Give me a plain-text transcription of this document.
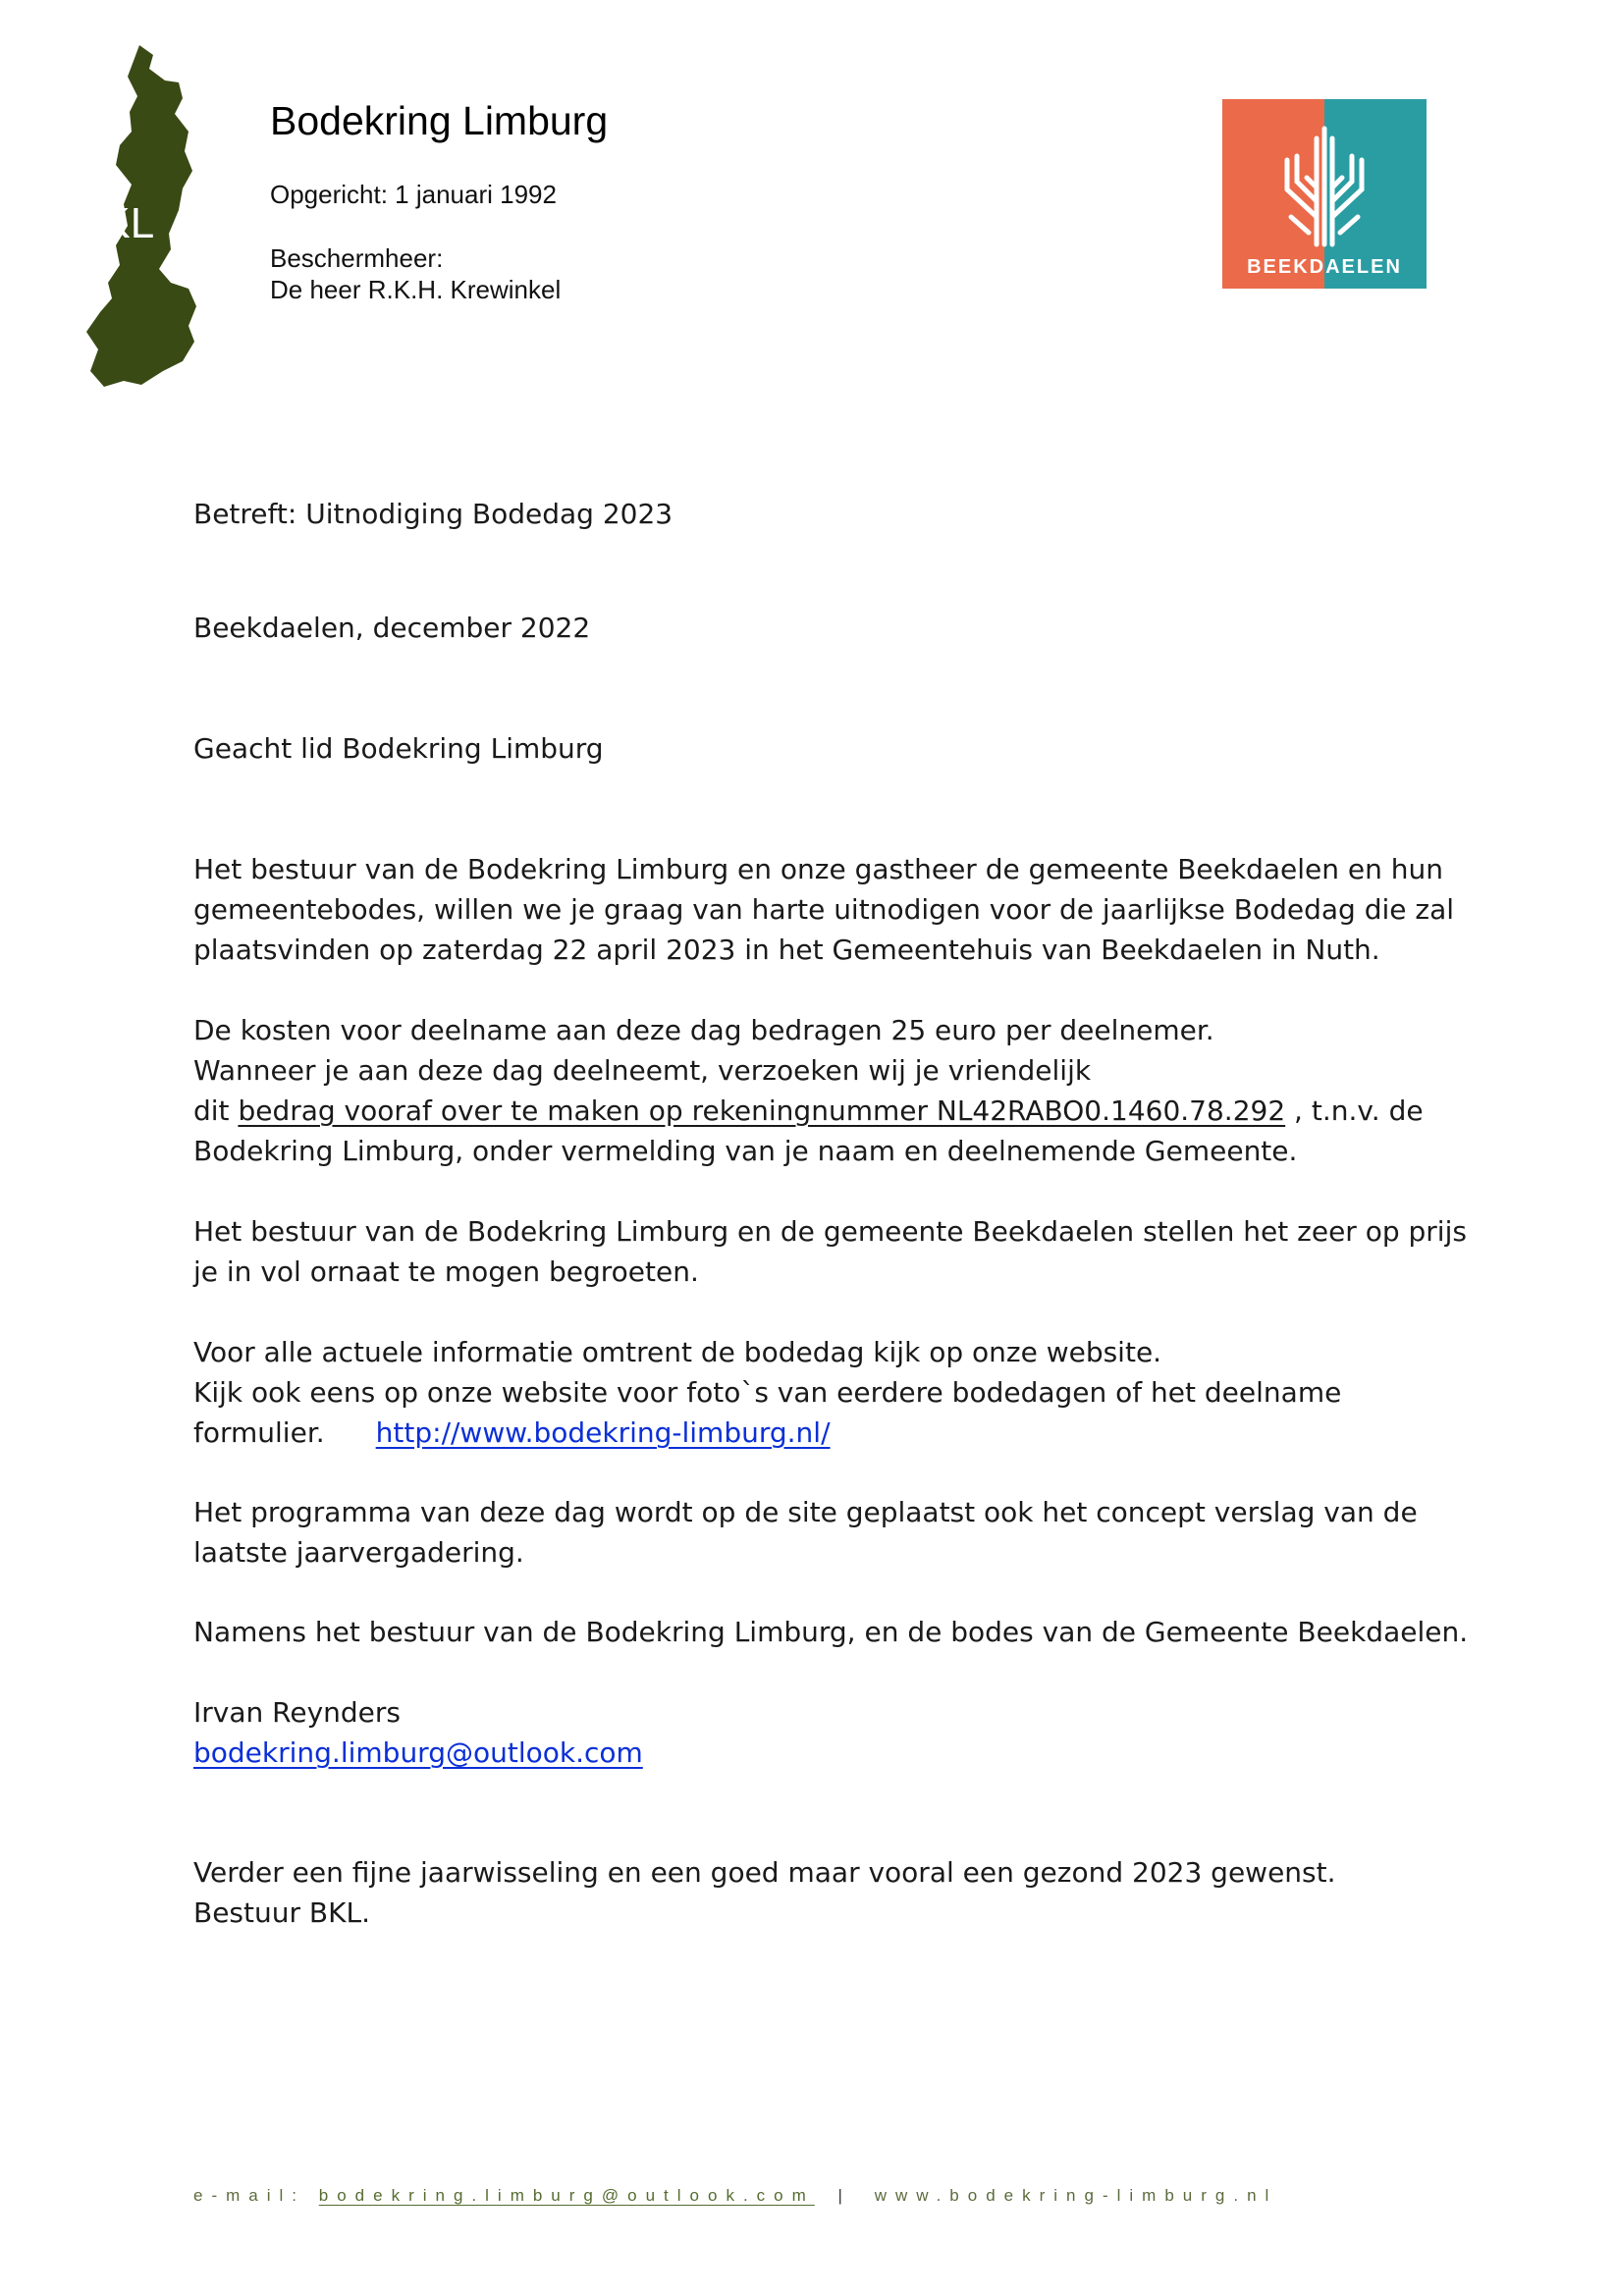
BKL
Bodekring Limburg
Opgericht: 1 januari 1992
Beschermheer:
De heer R.K.H. Krewinkel
BEEKDAELEN
Betreft: Uitnodiging Bodedag 2023
Beekdaelen, december 2022
Geacht lid Bodekring Limburg
Het bestuur van de Bodekring Limburg en onze gastheer de gemeente Beekdaelen en hun
gemeentebodes, willen we je graag van harte uitnodigen voor de jaarlijkse Bodedag die zal
plaatsvinden op zaterdag 22 april 2023 in het Gemeentehuis van Beekdaelen in Nuth.
De kosten voor deelname aan deze dag bedragen 25 euro per deelnemer.
Wanneer je aan deze dag deelneemt, verzoeken wij je vriendelijk
dit bedrag vooraf over te maken op rekeningnummer NL42RABO0.1460.78.292 , t.n.v. de
Bodekring Limburg, onder vermelding van je naam en deelnemende Gemeente.
Het bestuur van de Bodekring Limburg en de gemeente Beekdaelen stellen het zeer op prijs
je in vol ornaat te mogen begroeten.
Voor alle actuele informatie omtrent de bodedag kijk op onze website.
Kijk ook eens op onze website voor foto`s van eerdere bodedagen of het deelname
formulier. http://www.bodekring-limburg.nl/
Het programma van deze dag wordt op de site geplaatst ook het concept verslag van de
laatste jaarvergadering.
Namens het bestuur van de Bodekring Limburg, en de bodes van de Gemeente Beekdaelen.
Irvan Reynders
bodekring.limburg@outlook.com
Verder een fijne jaarwisseling en een goed maar vooral een gezond 2023 gewenst.
Bestuur BKL.
e-mail: bodekring.limburg@outlook.com | www.bodekring-limburg.nl
